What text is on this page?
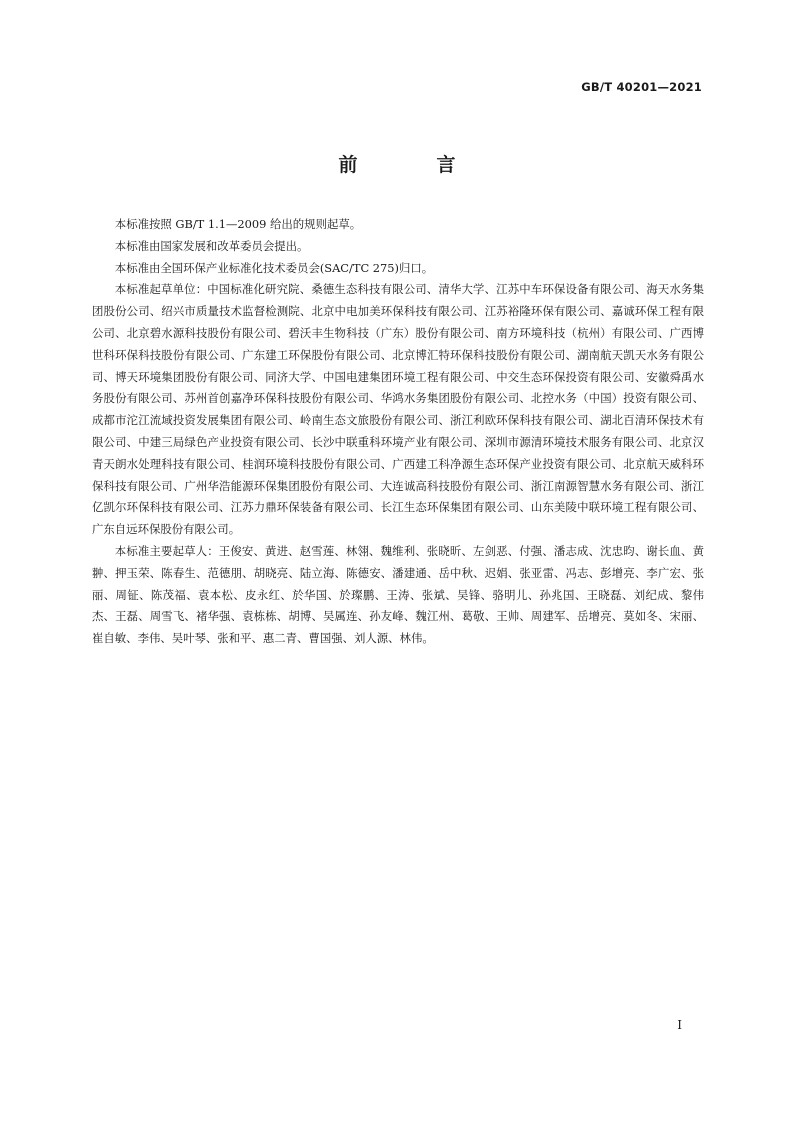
GB/T 40201—2021
前　言

本标准按照 GB/T 1.1—2009 给出的规则起草。

本标准由国家发展和改革委员会提出。

本标准由全国环保产业标准化技术委员会(SAC/TC 275)归口。

本标准起草单位：中国标准化研究院、桑德生态科技有限公司、清华大学、江苏中车环保设备有限公司、海天水务集团股份公司、绍兴市质量技术监督检测院、北京中电加美环保科技有限公司、江苏裕隆环保有限公司、嘉诚环保工程有限公司、北京碧水源科技股份有限公司、碧沃丰生物科技（广东）股份有限公司、南方环境科技（杭州）有限公司、广西博世科环保科技股份有限公司、广东建工环保股份有限公司、北京博汇特环保科技股份有限公司、湖南航天凯天水务有限公司、博天环境集团股份有限公司、同济大学、中国电建集团环境工程有限公司、中交生态环保投资有限公司、安徽舜禹水务股份有限公司、苏州首创嘉净环保科技股份有限公司、华鸿水务集团股份有限公司、北控水务（中国）投资有限公司、成都市沱江流域投资发展集团有限公司、岭南生态文旅股份有限公司、浙江利欧环保科技有限公司、湖北百清环保技术有限公司、中建三局绿色产业投资有限公司、长沙中联重科环境产业有限公司、深圳市源清环境技术服务有限公司、北京汉青天朗水处理科技有限公司、桂润环境科技股份有限公司、广西建工科净源生态环保产业投资有限公司、北京航天威科环保科技有限公司、广州华浩能源环保集团股份有限公司、大连诚高科技股份有限公司、浙江南源智慧水务有限公司、浙江亿凯尔环保科技有限公司、江苏力鼎环保装备有限公司、长江生态环保集团有限公司、山东美陵中联环境工程有限公司、广东自远环保股份有限公司。

本标准主要起草人：王俊安、黄进、赵雪莲、林翎、魏维利、张晓昕、左剑恶、付强、潘志成、沈忠昀、谢长血、黄翀、押玉荣、陈春生、范德朋、胡晓亮、陆立海、陈德安、潘建通、岳中秋、迟娟、张亚雷、冯志、彭增亮、李广宏、张丽、周钲、陈茂福、袁本松、皮永红、於华国、於璨鹏、王涛、张斌、吴锋、骆明儿、孙兆国、王晓磊、刘纪成、黎伟杰、王磊、周雪飞、褚华强、袁栋栋、胡博、吴属连、孙友峰、魏江州、葛敬、王帅、周建军、岳增亮、莫如冬、宋丽、崔自敏、李伟、吴叶琴、张和平、惠二青、曹国强、刘人源、林伟。

I
